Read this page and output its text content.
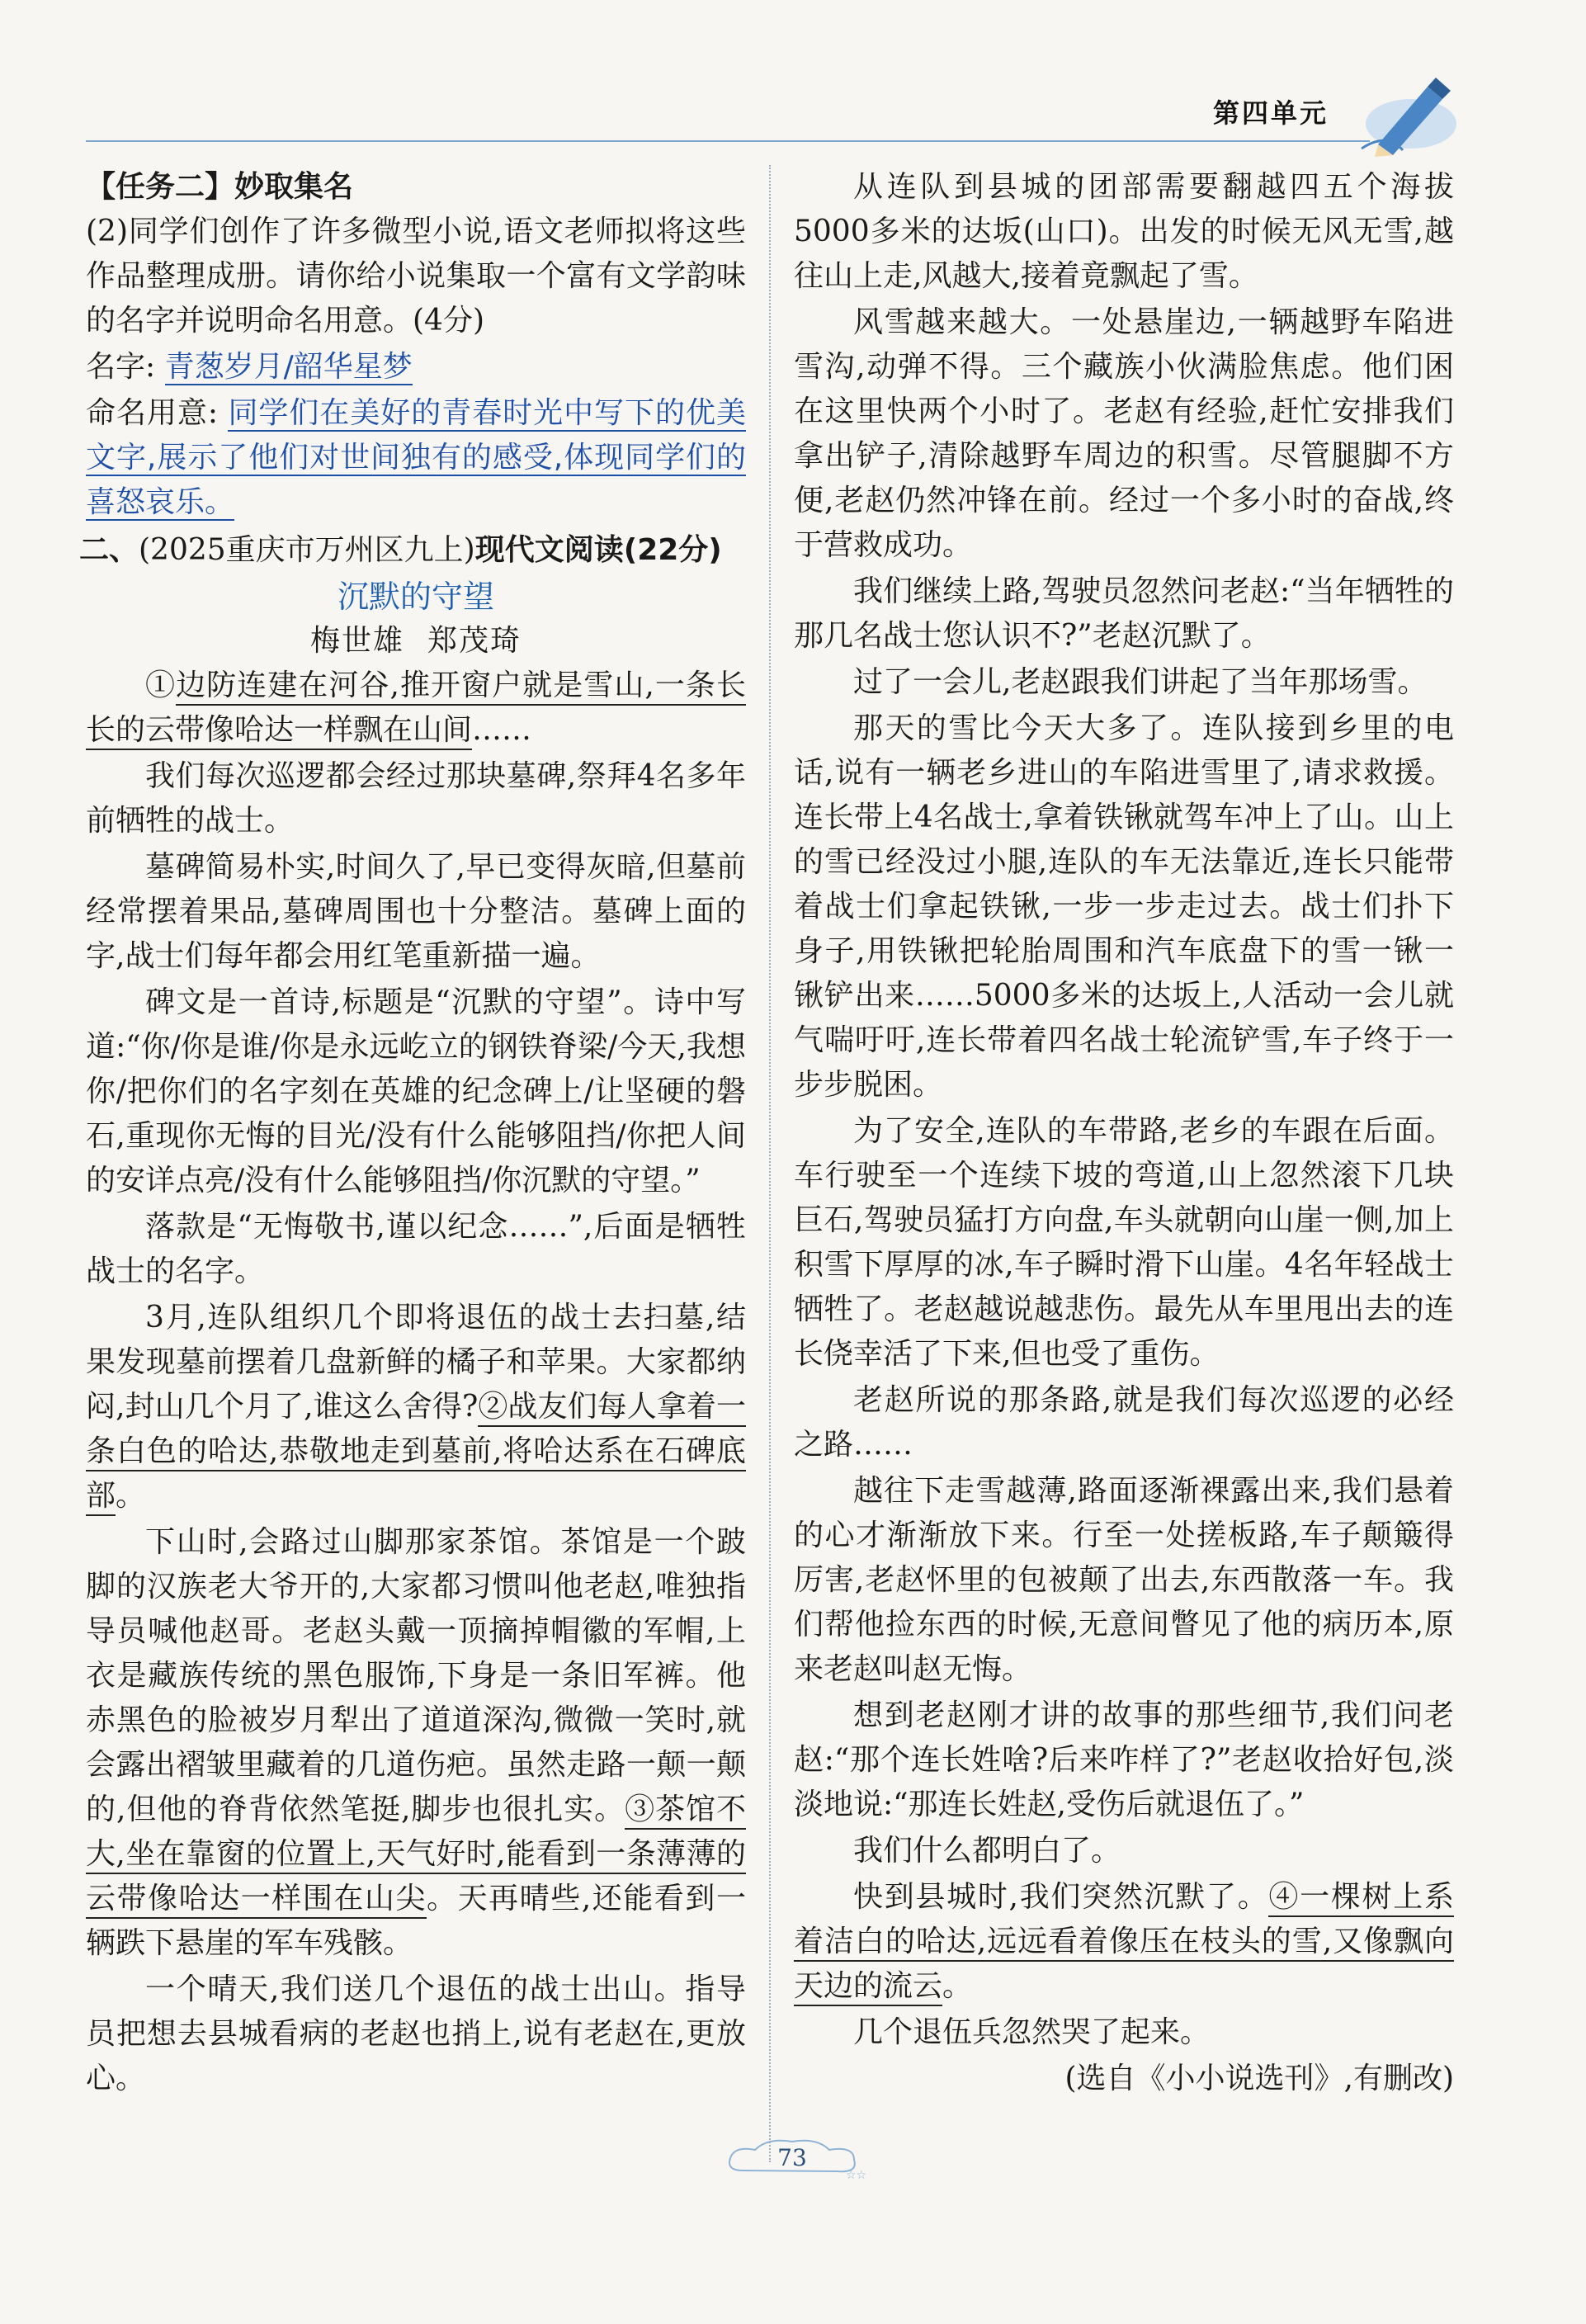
第四单元

【任务二】妙取集名

(2)同学们创作了许多微型小说,语文老师拟将这些作品整理成册。请你给小说集取一个富有文学韵味的名字并说明命名用意。(4分)

名字: 青葱岁月/韶华星梦

命名用意: 同学们在美好的青春时光中写下的优美文字,展示了他们对世间独有的感受,体现同学们的喜怒哀乐。

二、(2025重庆市万州区九上)现代文阅读(22分)

沉默的守望

梅世雄 郑茂琦

①边防连建在河谷,推开窗户就是雪山,一条长长的云带像哈达一样飘在山间……

我们每次巡逻都会经过那块墓碑,祭拜4名多年前牺牲的战士。

墓碑简易朴实,时间久了,早已变得灰暗,但墓前经常摆着果品,墓碑周围也十分整洁。墓碑上面的字,战士们每年都会用红笔重新描一遍。

碑文是一首诗,标题是“沉默的守望”。诗中写道:“你/你是谁/你是永远屹立的钢铁脊梁/今天,我想你/把你们的名字刻在英雄的纪念碑上/让坚硬的磐石,重现你无悔的目光/没有什么能够阻挡/你把人间的安详点亮/没有什么能够阻挡/你沉默的守望。”

落款是“无悔敬书,谨以纪念……”,后面是牺牲战士的名字。

3月,连队组织几个即将退伍的战士去扫墓,结果发现墓前摆着几盘新鲜的橘子和苹果。大家都纳闷,封山几个月了,谁这么舍得?②战友们每人拿着一条白色的哈达,恭敬地走到墓前,将哈达系在石碑底部。

下山时,会路过山脚那家茶馆。茶馆是一个跛脚的汉族老大爷开的,大家都习惯叫他老赵,唯独指导员喊他赵哥。老赵头戴一顶摘掉帽徽的军帽,上衣是藏族传统的黑色服饰,下身是一条旧军裤。他赤黑色的脸被岁月犁出了道道深沟,微微一笑时,就会露出褶皱里藏着的几道伤疤。虽然走路一颠一颠的,但他的脊背依然笔挺,脚步也很扎实。③茶馆不大,坐在靠窗的位置上,天气好时,能看到一条薄薄的云带像哈达一样围在山尖。天再晴些,还能看到一辆跌下悬崖的军车残骸。

一个晴天,我们送几个退伍的战士出山。指导员把想去县城看病的老赵也捎上,说有老赵在,更放心。

从连队到县城的团部需要翻越四五个海拔5000多米的达坂(山口)。出发的时候无风无雪,越往山上走,风越大,接着竟飘起了雪。

风雪越来越大。一处悬崖边,一辆越野车陷进雪沟,动弹不得。三个藏族小伙满脸焦虑。他们困在这里快两个小时了。老赵有经验,赶忙安排我们拿出铲子,清除越野车周边的积雪。尽管腿脚不方便,老赵仍然冲锋在前。经过一个多小时的奋战,终于营救成功。

我们继续上路,驾驶员忽然问老赵:“当年牺牲的那几名战士您认识不?”老赵沉默了。

过了一会儿,老赵跟我们讲起了当年那场雪。

那天的雪比今天大多了。连队接到乡里的电话,说有一辆老乡进山的车陷进雪里了,请求救援。连长带上4名战士,拿着铁锹就驾车冲上了山。山上的雪已经没过小腿,连队的车无法靠近,连长只能带着战士们拿起铁锹,一步一步走过去。战士们扑下身子,用铁锹把轮胎周围和汽车底盘下的雪一锹一锹铲出来……5000多米的达坂上,人活动一会儿就气喘吁吁,连长带着四名战士轮流铲雪,车子终于一步步脱困。

为了安全,连队的车带路,老乡的车跟在后面。车行驶至一个连续下坡的弯道,山上忽然滚下几块巨石,驾驶员猛打方向盘,车头就朝向山崖一侧,加上积雪下厚厚的冰,车子瞬时滑下山崖。4名年轻战士牺牲了。老赵越说越悲伤。最先从车里甩出去的连长侥幸活了下来,但也受了重伤。

老赵所说的那条路,就是我们每次巡逻的必经之路……

越往下走雪越薄,路面逐渐裸露出来,我们悬着的心才渐渐放下来。行至一处搓板路,车子颠簸得厉害,老赵怀里的包被颠了出去,东西散落一车。我们帮他捡东西的时候,无意间瞥见了他的病历本,原来老赵叫赵无悔。

想到老赵刚才讲的故事的那些细节,我们问老赵:“那个连长姓啥?后来咋样了?”老赵收拾好包,淡淡地说:“那连长姓赵,受伤后就退伍了。”

我们什么都明白了。

快到县城时,我们突然沉默了。④一棵树上系着洁白的哈达,远远看着像压在枝头的雪,又像飘向天边的流云。

几个退伍兵忽然哭了起来。

(选自《小小说选刊》,有删改)

☆☆
73
